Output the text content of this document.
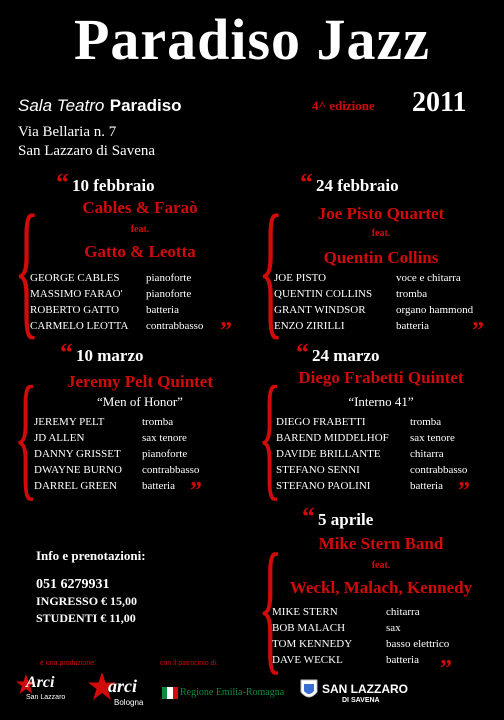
Paradiso Jazz
Sala Teatro Paradiso
Via Bellaria n. 7
San Lazzaro di Savena
4^ edizione 2011
“ 10 febbraio
{	Cables & Faraò
feat.
Gatto & Leotta
GEORGE CABLES	pianoforte
MASSIMO FARAO'	pianoforte
ROBERTO GATTO	batteria
CARMELO LEOTTA	contrabbasso ”
“ 24 febbraio
{	Joe Pisto Quartet
feat.
Quentin Collins
JOE PISTO	voce e chitarra
QUENTIN COLLINS	tromba
GRANT WINDSOR	organo hammond
ENZO ZIRILLI	batteria ”
“ 10 marzo
{	Jeremy Pelt Quintet
“Men of Honor”
JEREMY PELT	tromba
JD ALLEN	sax tenore
DANNY GRISSET	pianoforte
DWAYNE BURNO	contrabbasso
DARREL GREEN	batteria ”
“ 24 marzo
{ Diego Frabetti Quintet
“Interno 41”
DIEGO FRABETTI	tromba
BAREND MIDDELHOF	sax tenore
DAVIDE BRILLANTE	chitarra
STEFANO SENNI	contrabbasso
STEFANO PAOLINI	batteria ”
“ 5 aprile
{	Mike Stern Band
feat.
Weckl, Malach, Kennedy
MIKE STERN	chitarra
BOB MALACH	sax
TOM KENNEDY	basso elettrico
DAVE WECKL	batteria ”
Info e prenotazioni:
051 6279931
INGRESSO € 15,00
STUDENTI € 11,00
è una produzione:	con il patrocinio di:
Arci
San Lazzaro
arci
Bologna
Regione Emilia-Romagna	SAN LAZZARO
DI SAVENA
